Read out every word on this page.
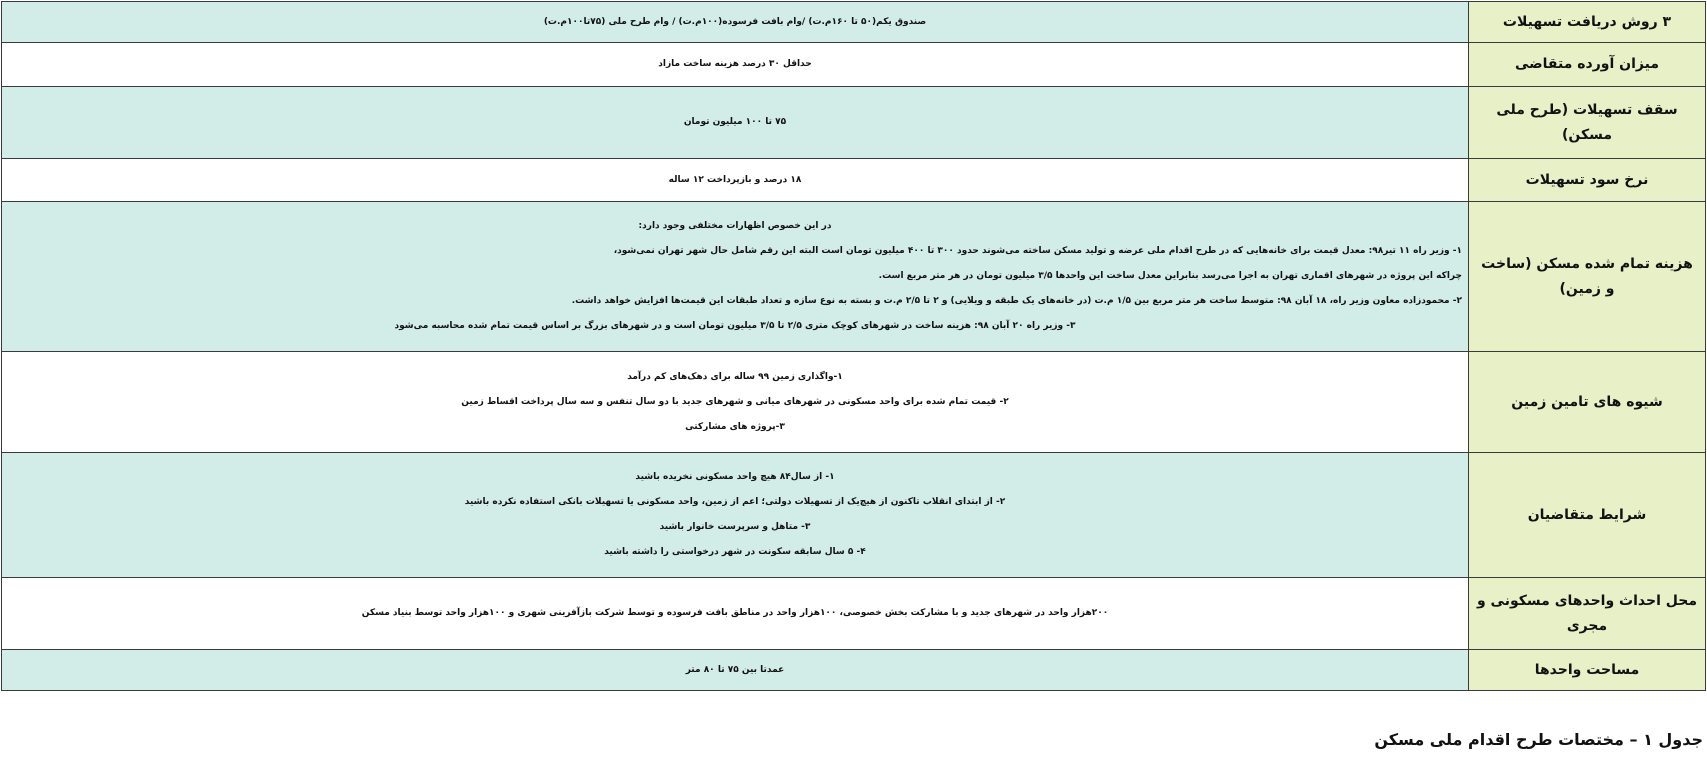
۳ روش دریافت تسهیلات	صندوق یکم(۵۰ تا ۱۶۰م.ت) /وام بافت فرسوده(۱۰۰م.ت) / وام طرح ملی (۷۵تا۱۰۰م.ت)

میزان آورده متقاضی	حداقل ۳۰ درصد هزینه ساخت مازاد

سقف تسهیلات (طرح ملی مسکن)	۷۵ تا ۱۰۰ میلیون تومان

نرخ سود تسهیلات	۱۸ درصد و بازپرداخت ۱۲ ساله

هزینه تمام شده مسکن (ساخت و زمین)	در این خصوص اظهارات مختلفی وجود دارد:
۱- وزیر راه ۱۱ تیر۹۸: معدل قیمت برای خانه‌هایی که در طرح اقدام ملی عرضه و تولید مسکن ساخته می‌شوند حدود ۳۰۰ تا ۴۰۰ میلیون تومان است البته این رقم شامل حال شهر تهران نمی‌شود،
چراکه این پروژه در شهرهای اقماری تهران به اجرا می‌رسد بنابراین معدل ساخت این واحدها ۳/۵ میلیون تومان در هر متر مربع است.
۲- محمودزاده معاون وزیر راه، ۱۸ آبان ۹۸: متوسط ساخت هر متر مربع بین ۱/۵ م.ت (در خانه‌های یک طبقه و ویلایی) و ۲ تا ۲/۵ م.ت و بسته به نوع سازه و تعداد طبقات این قیمت‌ها افزایش خواهد داشت.
۳- وزیر راه ۲۰ آبان ۹۸: هزینه ساخت در شهرهای کوچک متری ۲/۵ تا ۳/۵ میلیون تومان است و در شهرهای بزرگ بر اساس قیمت تمام شده محاسبه می‌شود

شیوه های تامین زمین	۱-واگذاری زمین ۹۹ ساله برای دهک‌های کم درآمد
۲- قیمت تمام شده برای واحد مسکونی در شهرهای میانی و شهرهای جدید با دو سال تنفس و سه سال پرداخت اقساط زمین
۳-پروژه های مشارکتی

شرایط متقاضیان	۱- از سال۸۴ هیچ واحد مسکونی نخریده باشید
۲- از ابتدای انقلاب تاکنون از هیچ‌یک از تسهیلات دولتی؛ اعم از زمین، واحد مسکونی یا تسهیلات بانکی استفاده نکرده باشید
۳- متاهل و سرپرست خانوار باشید
۴- ۵ سال سابقه سکونت در شهر درخواستی را داشته باشید

محل احداث واحدهای مسکونی و مجری	۲۰۰هزار واحد در شهرهای جدید و با مشارکت بخش خصوصی، ۱۰۰هزار واحد در مناطق بافت فرسوده و توسط شرکت بازآفرینی شهری و ۱۰۰هزار واحد توسط بنیاد مسکن

مساحت واحدها	عمدتا بین ۷۵ تا ۸۰ متر
جدول ۱ – مختصات طرح اقدام ملی مسکن
